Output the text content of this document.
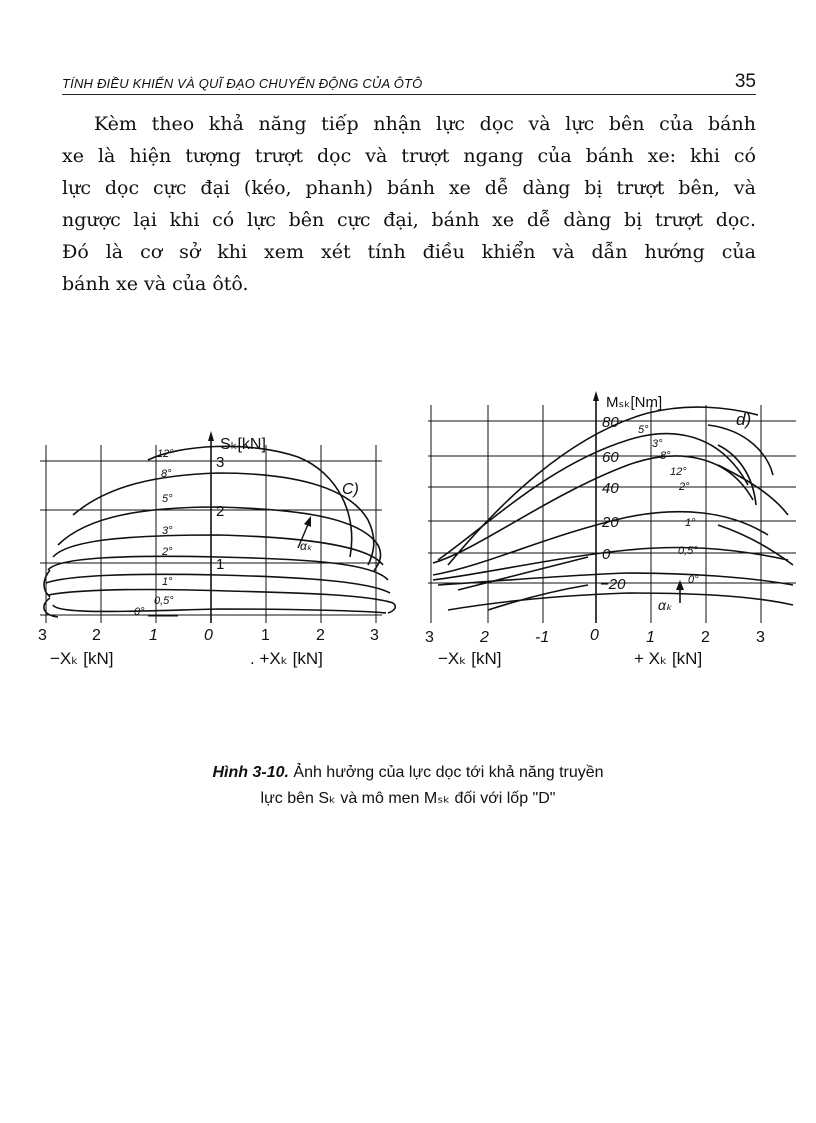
TÍNH ĐIỀU KHIỂN VÀ QUĨ ĐẠO CHUYỂN ĐỘNG CỦA ÔTÔ	35
Kèm theo khả năng tiếp nhận lực dọc và lực bên của bánh
xe là hiện tượng trượt dọc và trượt ngang của bánh xe: khi có
lực dọc cực đại (kéo, phanh) bánh xe dễ dàng bị trượt bên, và
ngược lại khi có lực bên cực đại, bánh xe dễ dàng bị trượt dọc.
Đó là cơ sở khi xem xét tính điều khiển và dẫn hướng của
bánh xe và của ôtô.
Sₖ[kN]
3
2
1
C)
12°
8°
5°
3°
2°
1°
0,5°
0°
αₖ
3	2	1	0	1	2	3
−Xₖ [kN]	. +Xₖ [kN]
Mₛₖ[Nm]
80
60
40
20
0
−20
d)
5°
3°
8°
12°
2°
1°
0,5°
0°
αₖ
3	2	-1	0	1	2	3
−Xₖ [kN]	+ Xₖ [kN]
Hình 3-10. Ảnh hưởng của lực dọc tới khả năng truyền
lực bên Sₖ và mô men Mₛₖ đối với lốp "D"
